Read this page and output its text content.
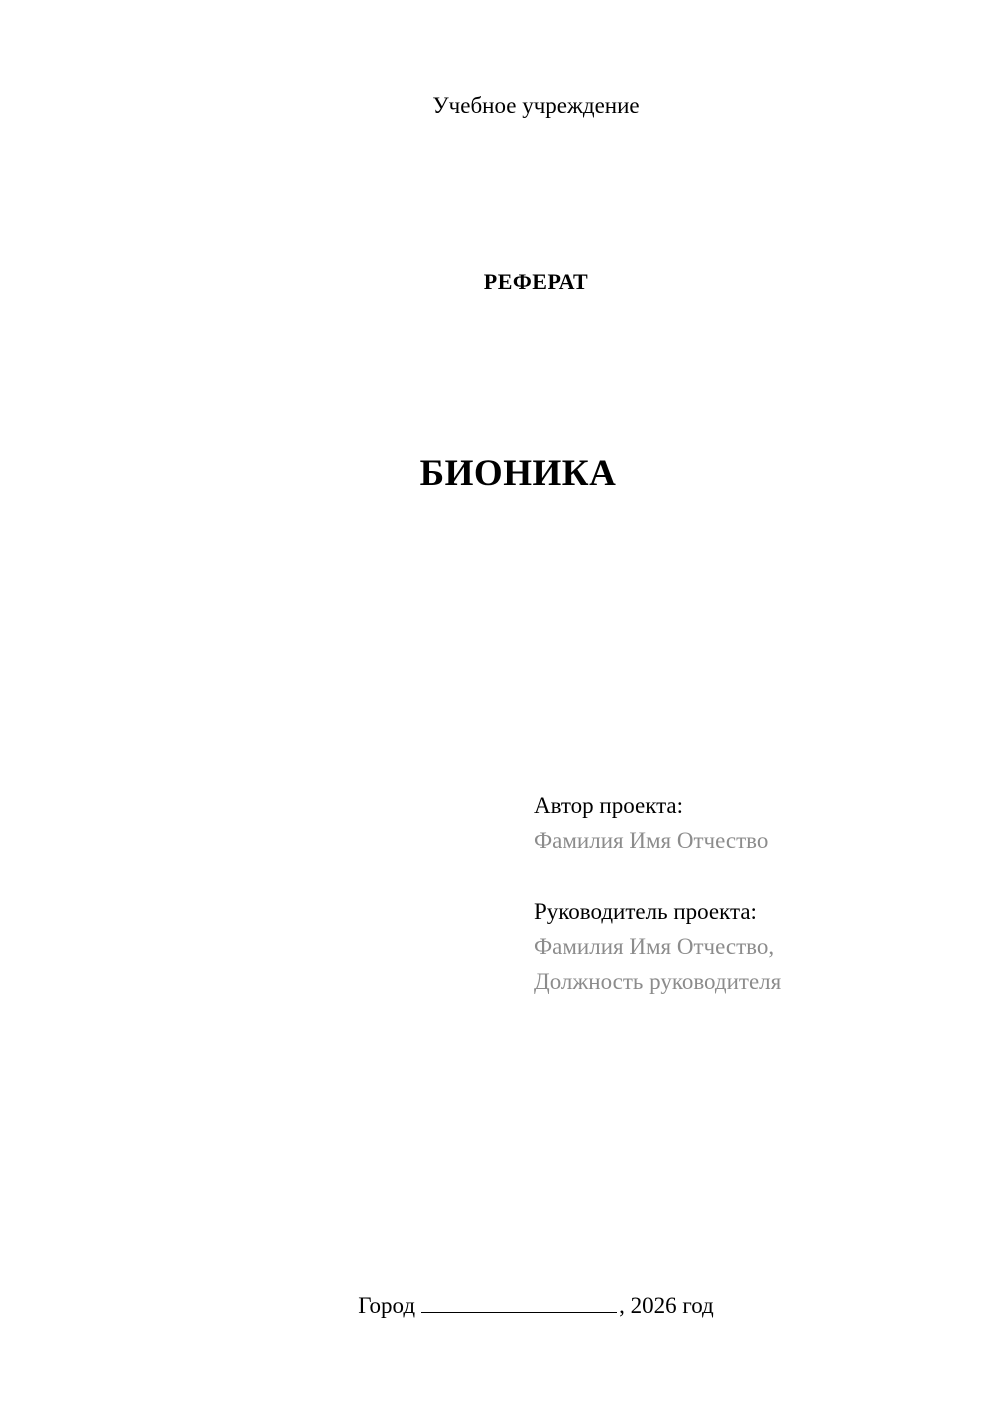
Учебное учреждение
РЕФЕРАТ
БИОНИКА
Автор проекта:
Фамилия Имя Отчество
Руководитель проекта:
Фамилия Имя Отчество,
Должность руководителя
Город	, 2026 год
